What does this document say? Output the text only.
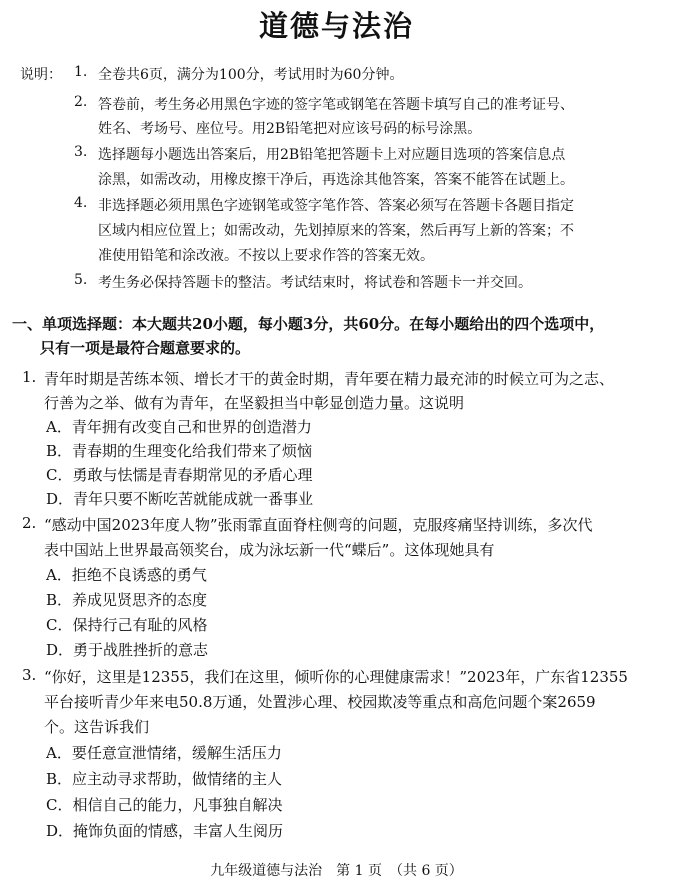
道德与法治
说明： 1. 全卷共6页，满分为100分，考试用时为60分钟。
2. 答卷前，考生务必用黑色字迹的签字笔或钢笔在答题卡填写自己的准考证号、
姓名、考场号、座位号。用2B铅笔把对应该号码的标号涂黑。
3. 选择题每小题选出答案后，用2B铅笔把答题卡上对应题目选项的答案信息点
涂黑，如需改动，用橡皮擦干净后，再选涂其他答案，答案不能答在试题上。
4. 非选择题必须用黑色字迹钢笔或签字笔作答、答案必须写在答题卡各题目指定
区域内相应位置上；如需改动，先划掉原来的答案，然后再写上新的答案；不
准使用铅笔和涂改液。不按以上要求作答的答案无效。
5. 考生务必保持答题卡的整洁。考试结束时，将试卷和答题卡一并交回。
一、单项选择题：本大题共20小题，每小题3分，共60分。在每小题给出的四个选项中，
只有一项是最符合题意要求的。
1. 青年时期是苦练本领、增长才干的黄金时期，青年要在精力最充沛的时候立可为之志、
行善为之举、做有为青年，在坚毅担当中彰显创造力量。这说明
A．青年拥有改变自己和世界的创造潜力
B．青春期的生理变化给我们带来了烦恼
C．勇敢与怯懦是青春期常见的矛盾心理
D．青年只要不断吃苦就能成就一番事业
2. “感动中国2023年度人物”张雨霏直面脊柱侧弯的问题，克服疼痛坚持训练，多次代
表中国站上世界最高领奖台，成为泳坛新一代“蝶后”。这体现她具有
A．拒绝不良诱惑的勇气
B．养成见贤思齐的态度
C．保持行己有耻的风格
D．勇于战胜挫折的意志
3. “你好，这里是12355，我们在这里，倾听你的心理健康需求！”2023年，广东省12355
平台接听青少年来电50.8万通，处置涉心理、校园欺凌等重点和高危问题个案2659
个。这告诉我们
A．要任意宣泄情绪，缓解生活压力
B．应主动寻求帮助，做情绪的主人
C．相信自己的能力，凡事独自解决
D．掩饰负面的情感，丰富人生阅历
九年级道德与法治　第 1 页　（共 6 页）
